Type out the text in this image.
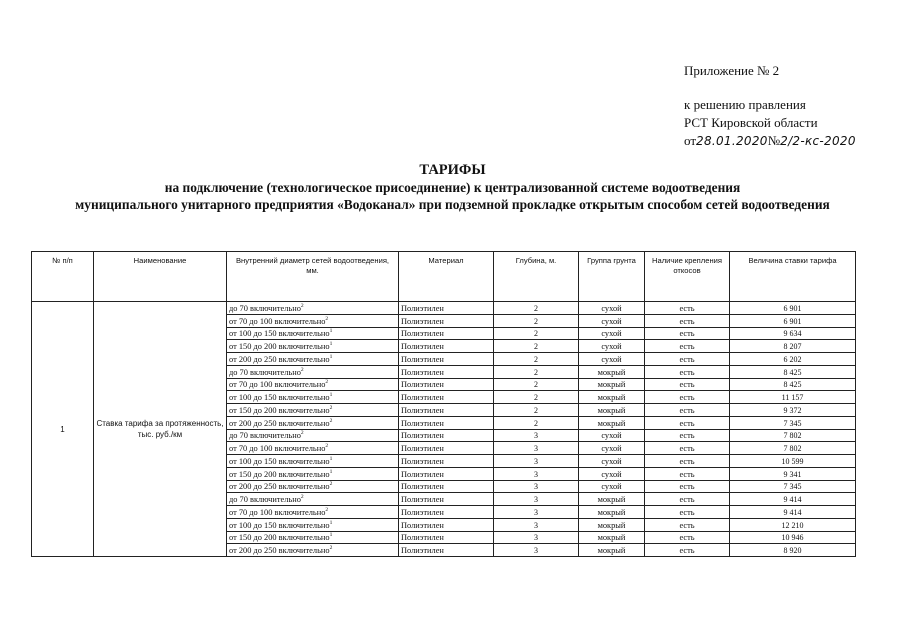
Приложение № 2
к решению правления
РСТ Кировской области
от28.01.2020№2/2-кс-2020
ТАРИФЫ
на подключение (технологическое присоединение) к централизованной системе водоотведения
муниципального унитарного предприятия «Водоканал» при подземной прокладке открытым способом сетей водоотведения
№ п/п	Наименование	Внутренний диаметр сетей водоотведения, мм.	Материал	Глубина, м.	Группа грунта	Наличие крепления откосов	Величина ставки тарифа
1	Ставка тарифа за протяженность, тыс. руб./км	до 70 включительно$^2$	Полиэтилен	2	сухой	есть	6 901
		от 70 до 100 включительно$^2$	Полиэтилен	2	сухой	есть	6 901
		от 100 до 150 включительно$^1$	Полиэтилен	2	сухой	есть	9 634
		от 150 до 200 включительно$^1$	Полиэтилен	2	сухой	есть	8 207
		от 200 до 250 включительно$^1$	Полиэтилен	2	сухой	есть	6 202
		до 70 включительно$^2$	Полиэтилен	2	мокрый	есть	8 425
		от 70 до 100 включительно$^2$	Полиэтилен	2	мокрый	есть	8 425
		от 100 до 150 включительно$^1$	Полиэтилен	2	мокрый	есть	11 157
		от 150 до 200 включительно$^2$	Полиэтилен	2	мокрый	есть	9 372
		от 200 до 250 включительно$^2$	Полиэтилен	2	мокрый	есть	7 345
		до 70 включительно$^2$	Полиэтилен	3	сухой	есть	7 802
		от 70 до 100 включительно$^2$	Полиэтилен	3	сухой	есть	7 802
		от 100 до 150 включительно$^1$	Полиэтилен	3	сухой	есть	10 599
		от 150 до 200 включительно$^1$	Полиэтилен	3	сухой	есть	9 341
		от 200 до 250 включительно$^2$	Полиэтилен	3	сухой	есть	7 345
		до 70 включительно$^2$	Полиэтилен	3	мокрый	есть	9 414
		от 70 до 100 включительно$^2$	Полиэтилен	3	мокрый	есть	9 414
		от 100 до 150 включительно$^1$	Полиэтилен	3	мокрый	есть	12 210
		от 150 до 200 включительно$^1$	Полиэтилен	3	мокрый	есть	10 946
		от 200 до 250 включительно$^2$	Полиэтилен	3	мокрый	есть	8 920
